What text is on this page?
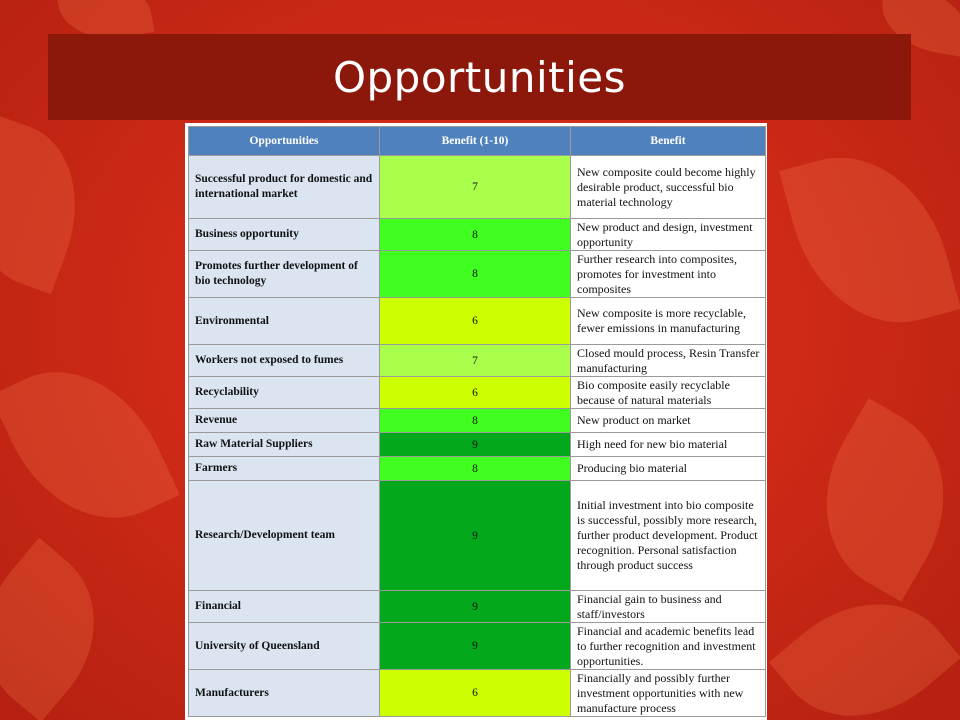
Opportunities
Opportunities	Benefit (1-10)	Benefit
Successful product for domestic and international market	7	New composite could become highly desirable product, successful bio material technology
Business opportunity	8	New product and design, investment opportunity
Promotes further development of bio technology	8	Further research into composites, promotes for investment into composites
Environmental	6	New composite is more recyclable, fewer emissions in manufacturing
Workers not exposed to fumes	7	Closed mould process, Resin Transfer manufacturing
Recyclability	6	Bio composite easily recyclable because of natural materials
Revenue	8	New product on market
Raw Material Suppliers	9	High need for new bio material
Farmers	8	Producing bio material
Research/Development team	9	Initial investment into bio composite is successful, possibly more research, further product development. Product recognition. Personal satisfaction through product success
Financial	9	Financial gain to business and staff/investors
University of Queensland	9	Financial and academic benefits lead to further recognition and investment opportunities.
Manufacturers	6	Financially and possibly further investment opportunities with new manufacture process
